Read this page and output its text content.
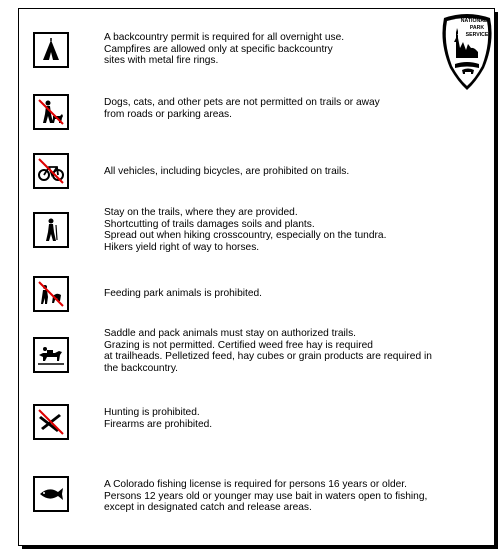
NATIONAL
PARK
SERVICE
A backcountry permit is required for all overnight use.
Campfires are allowed only at specific backcountry
sites with metal fire rings.
Dogs, cats, and other pets are not permitted on trails or away
from roads or parking areas.
All vehicles, including bicycles, are prohibited on trails.
Stay on the trails, where they are provided.
Shortcutting of trails damages soils and plants.
Spread out when hiking crosscountry, especially on the tundra.
Hikers yield right of way to horses.
Feeding park animals is prohibited.
Saddle and pack animals must stay on authorized trails.
Grazing is not permitted. Certified weed free hay is required
at trailheads. Pelletized feed, hay cubes or grain products are required in
the backcountry.
Hunting is prohibited.
Firearms are prohibited.
A Colorado fishing license is required for persons 16 years or older.
Persons 12 years old or younger may use bait in waters open to fishing,
except in designated catch and release areas.
